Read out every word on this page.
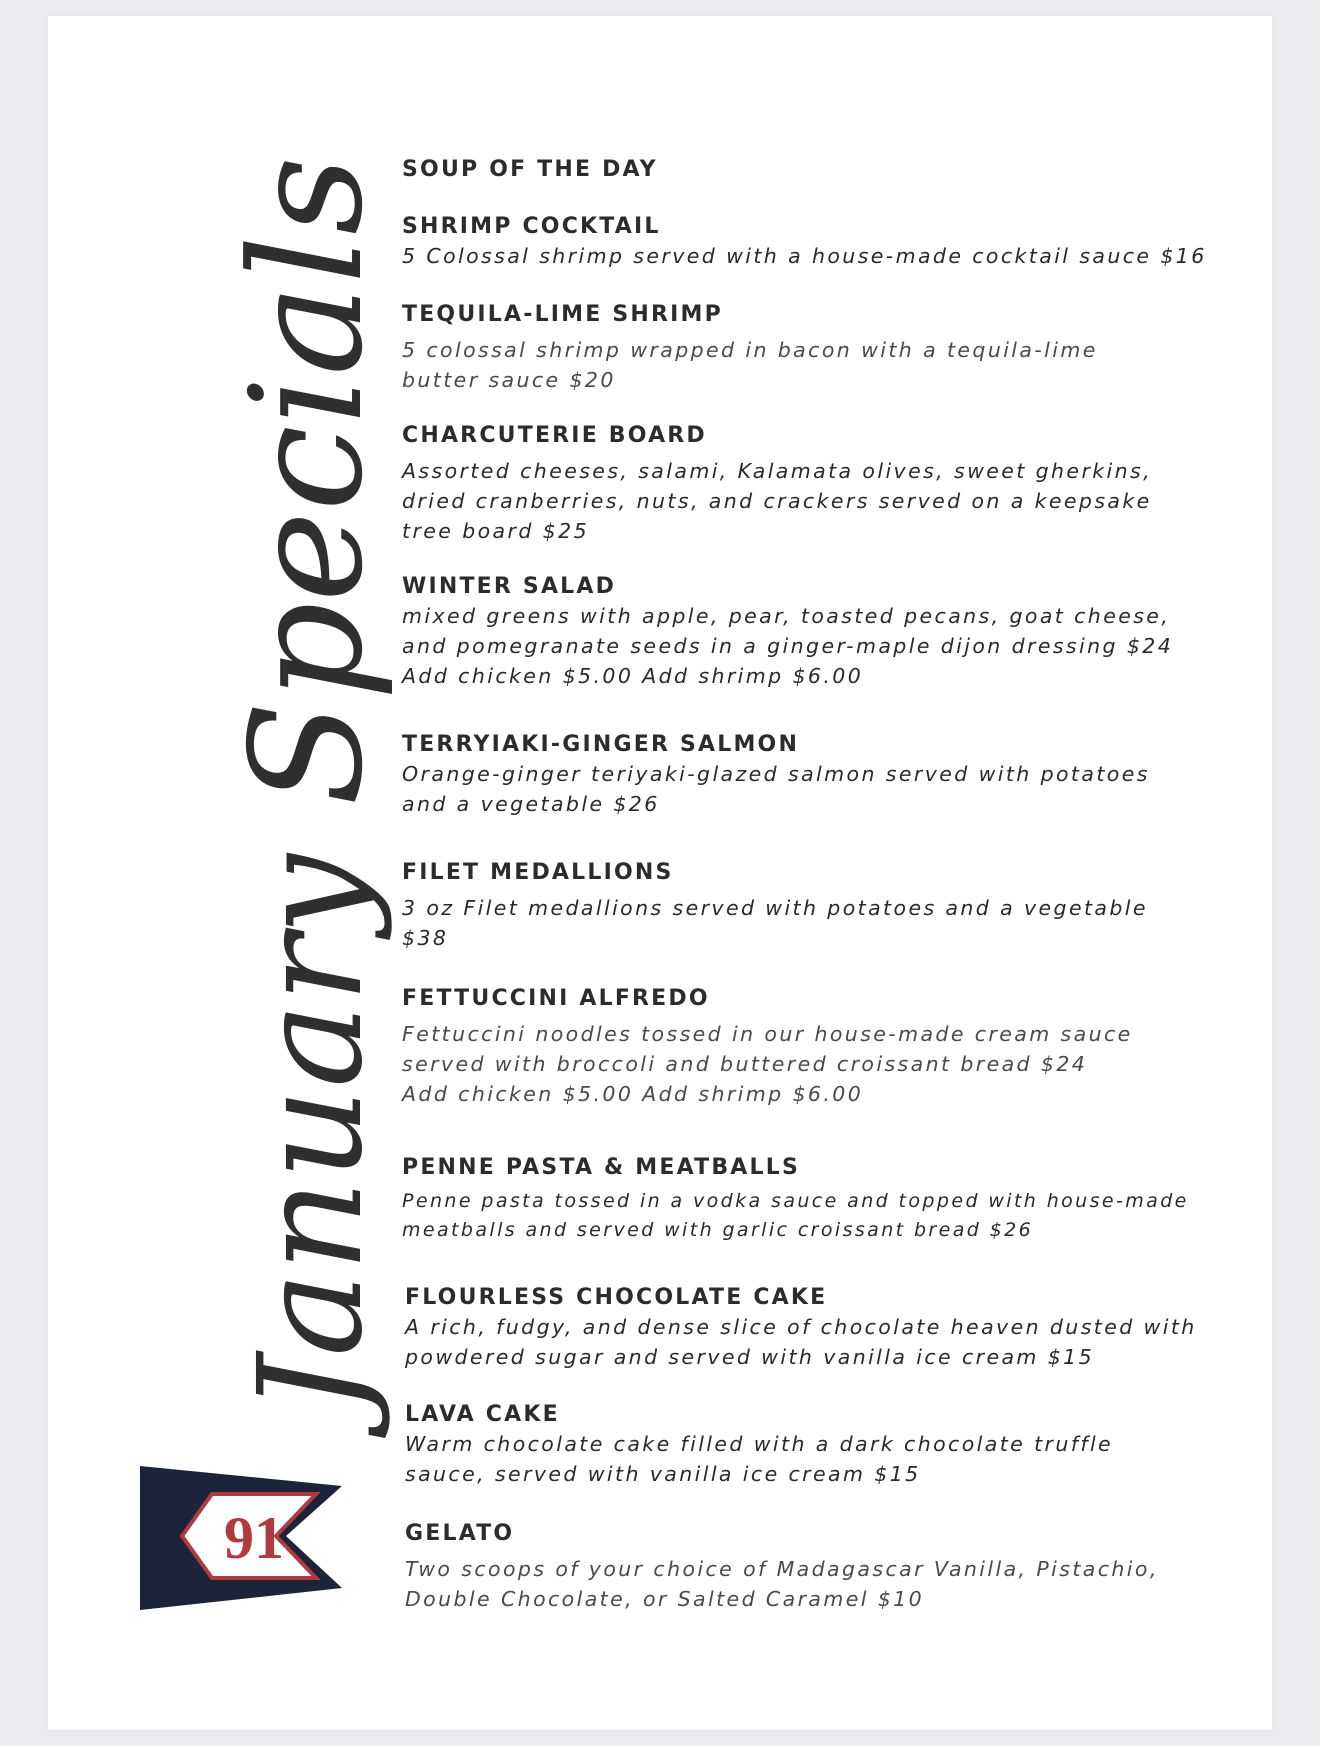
Specials
January
91
SOUP OF THE DAY
SHRIMP COCKTAIL
5 Colossal shrimp served with a house-made cocktail sauce $16
TEQUILA-LIME SHRIMP
5 colossal shrimp wrapped in bacon with a tequila-lime
butter sauce $20
CHARCUTERIE BOARD
Assorted cheeses, salami, Kalamata olives, sweet gherkins,
dried cranberries, nuts, and crackers served on a keepsake
tree board $25
WINTER SALAD
mixed greens with apple, pear, toasted pecans, goat cheese,
and pomegranate seeds in a ginger-maple dijon dressing $24
Add chicken $5.00 Add shrimp $6.00
TERRYIAKI-GINGER SALMON
Orange-ginger teriyaki-glazed salmon served with potatoes
and a vegetable $26
FILET MEDALLIONS
3 oz Filet medallions served with potatoes and a vegetable
$38
FETTUCCINI ALFREDO
Fettuccini noodles tossed in our house-made cream sauce
served with broccoli and buttered croissant bread $24
Add chicken $5.00 Add shrimp $6.00
PENNE PASTA & MEATBALLS
Penne pasta tossed in a vodka sauce and topped with house-made
meatballs and served with garlic croissant bread $26
FLOURLESS CHOCOLATE CAKE
A rich, fudgy, and dense slice of chocolate heaven dusted with
powdered sugar and served with vanilla ice cream $15
LAVA CAKE
Warm chocolate cake filled with a dark chocolate truffle
sauce, served with vanilla ice cream $15
GELATO
Two scoops of your choice of Madagascar Vanilla, Pistachio,
Double Chocolate, or Salted Caramel $10
